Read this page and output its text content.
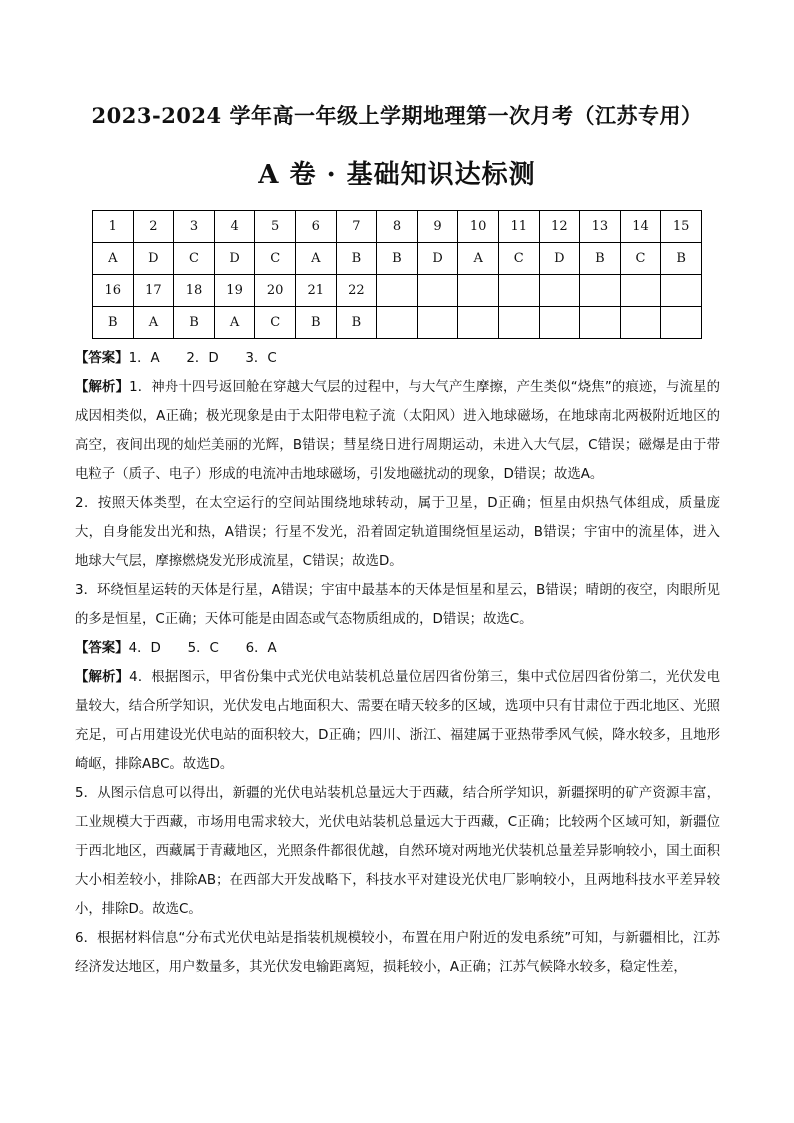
2023-2024 学年高一年级上学期地理第一次月考（江苏专用）
A 卷 · 基础知识达标测
1	2	3	4	5	6	7	8	9	10	11	12	13	14	15
A	D	C	D	C	A	B	B	D	A	C	D	B	C	B
16	17	18	19	20	21	22								
B	A	B	A	C	B	B								

【答案】1．A　　2．D　　3．C

【解析】1．神舟十四号返回舱在穿越大气层的过程中，与大气产生摩擦，产生类似“烧焦”的痕迹，与流星的成因相类似，A正确；极光现象是由于太阳带电粒子流（太阳风）进入地球磁场，在地球南北两极附近地区的高空，夜间出现的灿烂美丽的光辉，B错误；彗星绕日进行周期运动，未进入大气层，C错误；磁爆是由于带电粒子（质子、电子）形成的电流冲击地球磁场，引发地磁扰动的现象，D错误；故选A。

2．按照天体类型，在太空运行的空间站围绕地球转动，属于卫星，D正确；恒星由炽热气体组成，质量庞大，自身能发出光和热，A错误；行星不发光，沿着固定轨道围绕恒星运动，B错误；宇宙中的流星体，进入地球大气层，摩擦燃烧发光形成流星，C错误；故选D。

3．环绕恒星运转的天体是行星，A错误；宇宙中最基本的天体是恒星和星云，B错误；晴朗的夜空，肉眼所见的多是恒星，C正确；天体可能是由固态或气态物质组成的，D错误；故选C。

【答案】4．D　　5．C　　6．A

【解析】4．根据图示，甲省份集中式光伏电站装机总量位居四省份第三，集中式位居四省份第二，光伏发电量较大，结合所学知识，光伏发电占地面积大、需要在晴天较多的区域，选项中只有甘肃位于西北地区、光照充足，可占用建设光伏电站的面积较大，D正确；四川、浙江、福建属于亚热带季风气候，降水较多，且地形崎岖，排除ABC。故选D。

5．从图示信息可以得出，新疆的光伏电站装机总量远大于西藏，结合所学知识，新疆探明的矿产资源丰富，工业规模大于西藏，市场用电需求较大，光伏电站装机总量远大于西藏，C正确；比较两个区域可知，新疆位于西北地区，西藏属于青藏地区，光照条件都很优越，自然环境对两地光伏装机总量差异影响较小，国土面积大小相差较小，排除AB；在西部大开发战略下，科技水平对建设光伏电厂影响较小，且两地科技水平差异较小，排除D。故选C。

6．根据材料信息“分布式光伏电站是指装机规模较小，布置在用户附近的发电系统”可知，与新疆相比，江苏经济发达地区，用户数量多，其光伏发电输距离短，损耗较小，A正确；江苏气候降水较多，稳定性差，
